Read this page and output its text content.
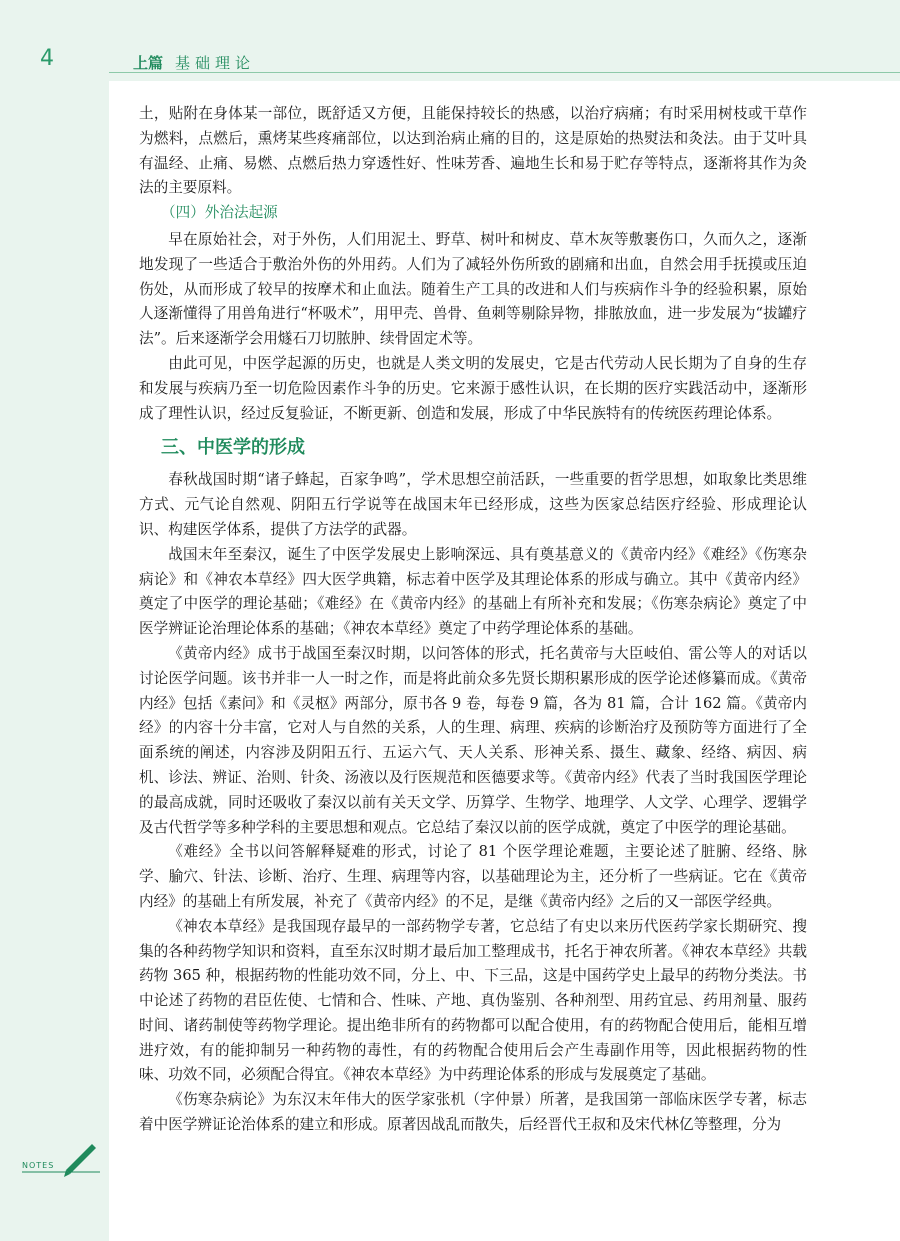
4	上篇 基础理论

土，贴附在身体某一部位，既舒适又方便，且能保持较长的热感，以治疗病痛；有时采用树枝或干草作为燃料，点燃后，熏烤某些疼痛部位，以达到治病止痛的目的，这是原始的热熨法和灸法。由于艾叶具有温经、止痛、易燃、点燃后热力穿透性好、性味芳香、遍地生长和易于贮存等特点，逐渐将其作为灸法的主要原料。

（四）外治法起源

早在原始社会，对于外伤，人们用泥土、野草、树叶和树皮、草木灰等敷裹伤口，久而久之，逐渐地发现了一些适合于敷治外伤的外用药。人们为了减轻外伤所致的剧痛和出血，自然会用手抚摸或压迫伤处，从而形成了较早的按摩术和止血法。随着生产工具的改进和人们与疾病作斗争的经验积累，原始人逐渐懂得了用兽角进行“杯吸术”，用甲壳、兽骨、鱼刺等剔除异物，排脓放血，进一步发展为“拔罐疗法”。后来逐渐学会用燧石刀切脓肿、续骨固定术等。

由此可见，中医学起源的历史，也就是人类文明的发展史，它是古代劳动人民长期为了自身的生存和发展与疾病乃至一切危险因素作斗争的历史。它来源于感性认识，在长期的医疗实践活动中，逐渐形成了理性认识，经过反复验证，不断更新、创造和发展，形成了中华民族特有的传统医药理论体系。

三、中医学的形成

春秋战国时期“诸子蜂起，百家争鸣”，学术思想空前活跃，一些重要的哲学思想，如取象比类思维方式、元气论自然观、阴阳五行学说等在战国末年已经形成，这些为医家总结医疗经验、形成理论认识、构建医学体系，提供了方法学的武器。

战国末年至秦汉，诞生了中医学发展史上影响深远、具有奠基意义的《黄帝内经》《难经》《伤寒杂病论》和《神农本草经》四大医学典籍，标志着中医学及其理论体系的形成与确立。其中《黄帝内经》奠定了中医学的理论基础；《难经》在《黄帝内经》的基础上有所补充和发展；《伤寒杂病论》奠定了中医学辨证论治理论体系的基础；《神农本草经》奠定了中药学理论体系的基础。

《黄帝内经》成书于战国至秦汉时期，以问答体的形式，托名黄帝与大臣岐伯、雷公等人的对话以讨论医学问题。该书并非一人一时之作，而是将此前众多先贤长期积累形成的医学论述修纂而成。《黄帝内经》包括《素问》和《灵枢》两部分，原书各 9 卷，每卷 9 篇，各为 81 篇，合计 162 篇。《黄帝内经》的内容十分丰富，它对人与自然的关系，人的生理、病理、疾病的诊断治疗及预防等方面进行了全面系统的阐述，内容涉及阴阳五行、五运六气、天人关系、形神关系、摄生、藏象、经络、病因、病机、诊法、辨证、治则、针灸、汤液以及行医规范和医德要求等。《黄帝内经》代表了当时我国医学理论的最高成就，同时还吸收了秦汉以前有关天文学、历算学、生物学、地理学、人文学、心理学、逻辑学及古代哲学等多种学科的主要思想和观点。它总结了秦汉以前的医学成就，奠定了中医学的理论基础。

《难经》全书以问答解释疑难的形式，讨论了 81 个医学理论难题，主要论述了脏腑、经络、脉学、腧穴、针法、诊断、治疗、生理、病理等内容，以基础理论为主，还分析了一些病证。它在《黄帝内经》的基础上有所发展，补充了《黄帝内经》的不足，是继《黄帝内经》之后的又一部医学经典。

《神农本草经》是我国现存最早的一部药物学专著，它总结了有史以来历代医药学家长期研究、搜集的各种药物学知识和资料，直至东汉时期才最后加工整理成书，托名于神农所著。《神农本草经》共载药物 365 种，根据药物的性能功效不同，分上、中、下三品，这是中国药学史上最早的药物分类法。书中论述了药物的君臣佐使、七情和合、性味、产地、真伪鉴别、各种剂型、用药宜忌、药用剂量、服药时间、诸药制使等药物学理论。提出绝非所有的药物都可以配合使用，有的药物配合使用后，能相互增进疗效，有的能抑制另一种药物的毒性，有的药物配合使用后会产生毒副作用等，因此根据药物的性味、功效不同，必须配合得宜。《神农本草经》为中药理论体系的形成与发展奠定了基础。

《伤寒杂病论》为东汉末年伟大的医学家张机（字仲景）所著，是我国第一部临床医学专著，标志着中医学辨证论治体系的建立和形成。原著因战乱而散失，后经晋代王叔和及宋代林亿等整理，分为

NOTES
